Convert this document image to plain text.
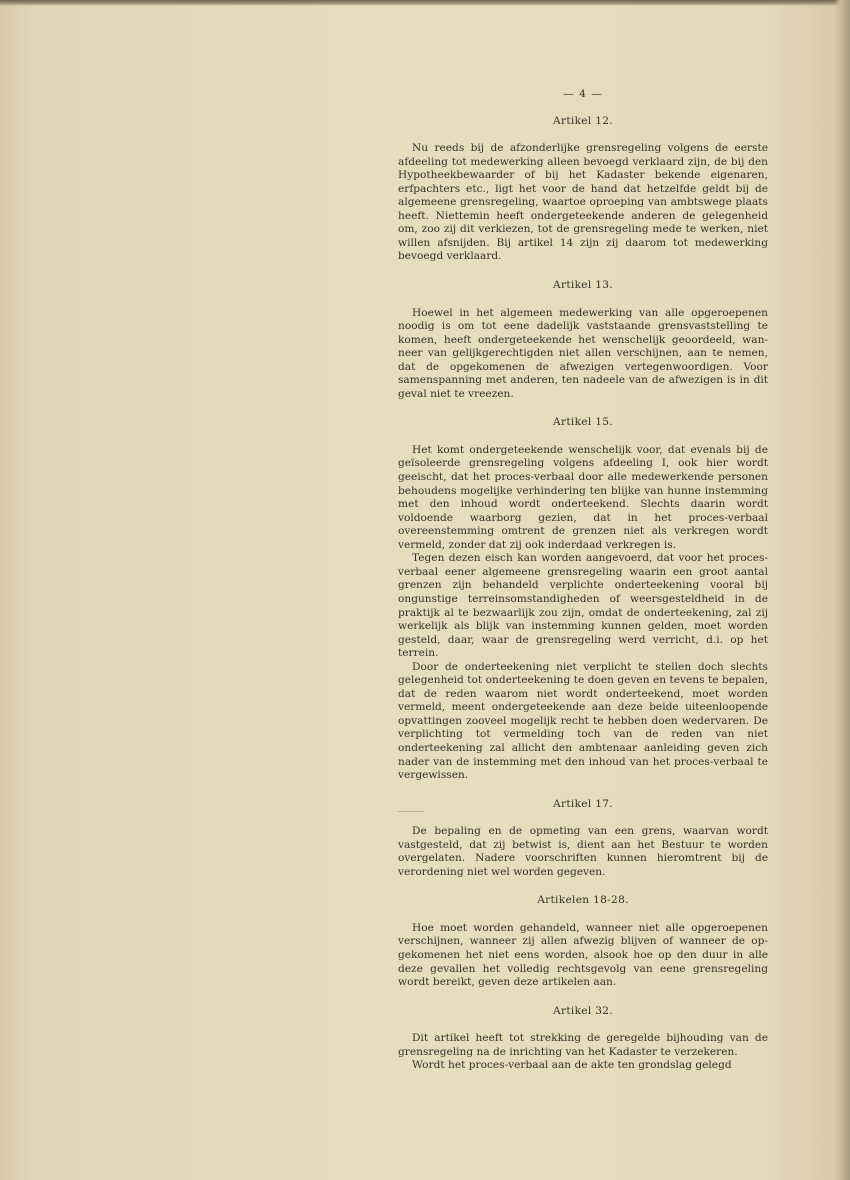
— 4 —
Artikel 12.

Nu reeds bij de afzonderlijke grensregeling volgens de eerste afdeeling tot medewerking alleen bevoegd verklaard zijn, de bij den Hypotheekbewaarder of bij het Kadaster bekende eigenaren, erfpachters etc., ligt het voor de hand dat hetzelfde geldt bij de algemeene grensregeling, waartoe oproeping van ambtswege plaats heeft. Niettemin heeft ondergeteekende anderen de gelegenheid om, zoo zij dit verkiezen, tot de grensregeling mede te werken, niet willen afsnijden. Bij artikel 14 zijn zij daarom tot medewerking bevoegd verklaard.

Artikel 13.

Hoewel in het algemeen medewerking van alle opgeroepenen noodig is om tot eene dadelijk vaststaande grensvaststelling te komen, heeft ondergeteekende het wenschelijk geoordeeld, wanneer van gelijkgerechtigden niet allen verschijnen, aan te nemen, dat de opgekomenen de afwezigen vertegenwoordigen. Voor samenspanning met anderen, ten nadeele van de afwezigen is in dit geval niet te vreezen.

Artikel 15.

Het komt ondergeteekende wenschelijk voor, dat evenals bij de geïsoleerde grensregeling volgens afdeeling I, ook hier wordt geeischt, dat het proces-verbaal door alle medewerkende personen behoudens mogelijke verhindering ten blijke van hunne instemming met den inhoud wordt onderteekend. Slechts daarin wordt voldoende waarborg gezien, dat in het proces-verbaal overeenstemming omtrent de grenzen niet als verkregen wordt vermeld, zonder dat zij ook inderdaad verkregen is.

Tegen dezen eisch kan worden aangevoerd, dat voor het proces-verbaal eener algemeene grensregeling waarin een groot aantal grenzen zijn behandeld verplichte onderteekening vooral bij ongunstige terreinsomstandigheden of weersgesteldheid in de praktijk al te bezwaarlijk zou zijn, omdat de onderteekening, zal zij werkelijk als blijk van instemming kunnen gelden, moet worden gesteld, daar, waar de grensregeling werd verricht, d.i. op het terrein.

Door de onderteekening niet verplicht te stellen doch slechts gelegenheid tot onderteekening te doen geven en tevens te bepalen, dat de reden waarom niet wordt onderteekend, moet worden vermeld, meent ondergeteekende aan deze beide uiteenloopende opvattingen zooveel mogelijk recht te hebben doen wedervaren. De verplichting tot vermelding toch van de reden van niet onderteekening zal allicht den ambtenaar aanleiding geven zich nader van de instemming met den inhoud van het proces-verbaal te vergewissen.

Artikel 17.

De bepaling en de opmeting van een grens, waarvan wordt vastgesteld, dat zij betwist is, dient aan het Bestuur te worden overgelaten. Nadere voorschriften kunnen hieromtrent bij de verordening niet wel worden gegeven.

Artikelen 18-28.

Hoe moet worden gehandeld, wanneer niet alle opgeroepenen verschijnen, wanneer zij allen afwezig blijven of wanneer de opgekomenen het niet eens worden, alsook hoe op den duur in alle deze gevallen het volledig rechtsgevolg van eene grensregeling wordt bereikt, geven deze artikelen aan.

Artikel 32.

Dit artikel heeft tot strekking de geregelde bijhouding van de grensregeling na de inrichting van het Kadaster te verzekeren.

Wordt het proces-verbaal aan de akte ten grondslag gelegd
